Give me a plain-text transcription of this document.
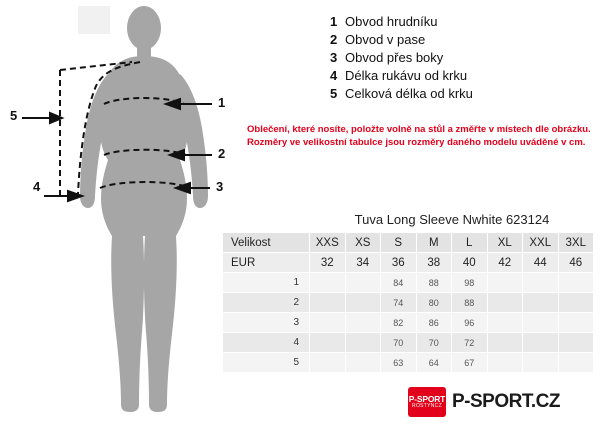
1
2
3
4
5
1 Obvod hrudníku
2 Obvod v pase
3 Obvod přes boky
4 Délka rukávu od krku
5 Celková délka od krku
Oblečení, které nosíte, položte volně na stůl a změřte v místech dle obrázku.
Rozměry ve velikostní tabulce jsou rozměry daného modelu uváděné v cm.
Tuva Long Sleeve Nwhite 623124
Velikost	XXS	XS	S	M	L	XL	XXL	3XL
EUR	32	34	36	38	40	42	44	46
1			84	88	98			
2			74	80	88			
3			82	86	96			
4			70	70	72			
5			63	64	67			
P-SPORT
ROSTYNCZ P-SPORT.CZ
